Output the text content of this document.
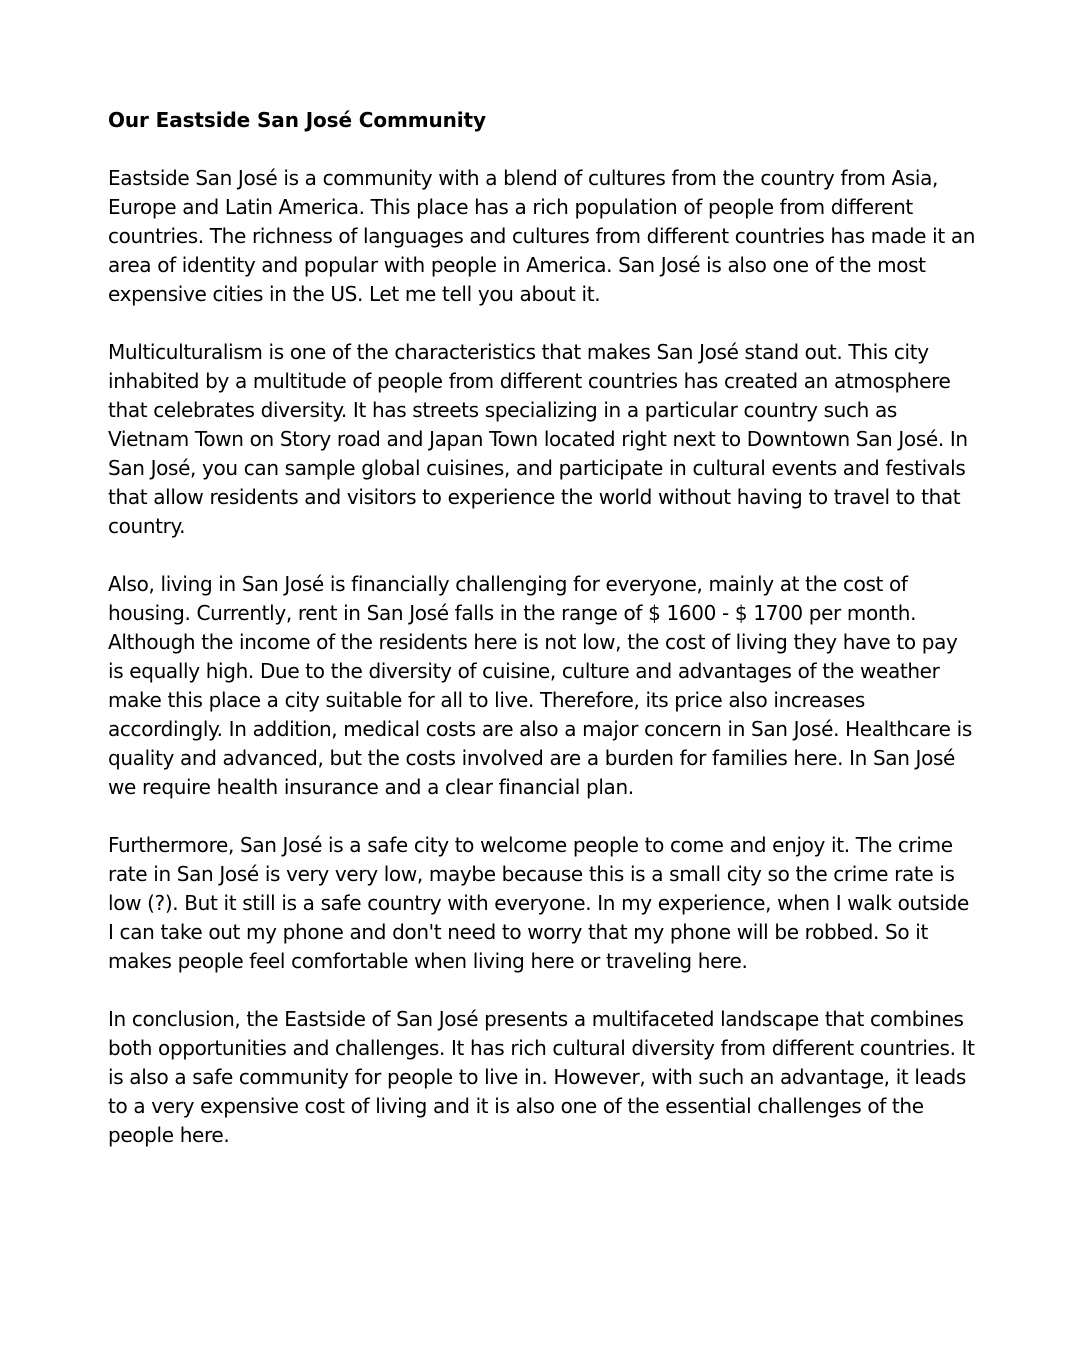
Our Eastside San José Community

Eastside San José is a community with a blend of cultures from the country from Asia, Europe and Latin America. This place has a rich population of people from different countries. The richness of languages and cultures from different countries has made it an area of identity and popular with people in America. San José is also one of the most expensive cities in the US. Let me tell you about it.

Multiculturalism is one of the characteristics that makes San José stand out. This city inhabited by a multitude of people from different countries has created an atmosphere that celebrates diversity. It has streets specializing in a particular country such as Vietnam Town on Story road and Japan Town located right next to Downtown San José. In San José, you can sample global cuisines, and participate in cultural events and festivals that allow residents and visitors to experience the world without having to travel to that country.

Also, living in San José is financially challenging for everyone, mainly at the cost of housing. Currently, rent in San José falls in the range of $ 1600 - $ 1700 per month. Although the income of the residents here is not low, the cost of living they have to pay is equally high. Due to the diversity of cuisine, culture and advantages of the weather make this place a city suitable for all to live. Therefore, its price also increases accordingly. In addition, medical costs are also a major concern in San José. Healthcare is quality and advanced, but the costs involved are a burden for families here. In San José we require health insurance and a clear financial plan.

Furthermore, San José is a safe city to welcome people to come and enjoy it. The crime rate in San José is very very low, maybe because this is a small city so the crime rate is low (?). But it still is a safe country with everyone. In my experience, when I walk outside I can take out my phone and don't need to worry that my phone will be robbed. So it makes people feel comfortable when living here or traveling here.

In conclusion, the Eastside of San José presents a multifaceted landscape that combines both opportunities and challenges. It has rich cultural diversity from different countries. It is also a safe community for people to live in. However, with such an advantage, it leads to a very expensive cost of living and it is also one of the essential challenges of the people here.
